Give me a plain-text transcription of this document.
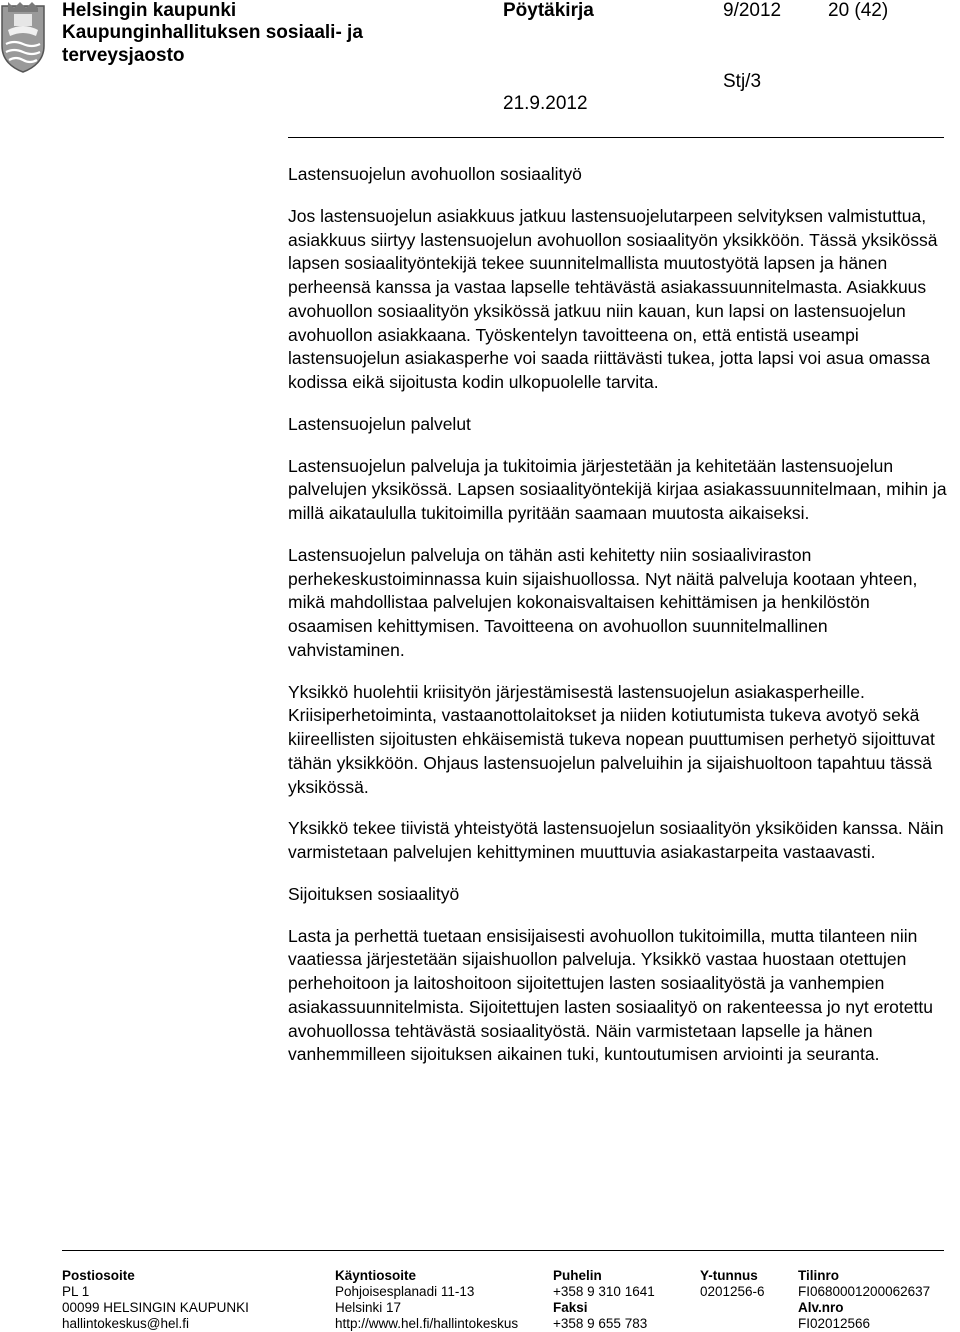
Helsingin kaupunki
Kaupunginhallituksen sosiaali- ja
terveysjaosto
Pöytäkirja	9/2012 20 (42)
Stj/3
21.9.2012
Lastensuojelun avohuollon sosiaalityö

Jos lastensuojelun asiakkuus jatkuu lastensuojelutarpeen selvityksen valmistuttua, asiakkuus siirtyy lastensuojelun avohuollon sosiaalityön yksikköön. Tässä yksikössä lapsen sosiaalityöntekijä tekee suunnitelmallista muutostyötä lapsen ja hänen perheensä kanssa ja vastaa lapselle tehtävästä asiakassuunnitelmasta. Asiakkuus avohuollon sosiaalityön yksikössä jatkuu niin kauan, kun lapsi on lastensuojelun avohuollon asiakkaana. Työskentelyn tavoitteena on, että entistä useampi lastensuojelun asiakasperhe voi saada riittävästi tukea, jotta lapsi voi asua omassa kodissa eikä sijoitusta kodin ulkopuolelle tarvita.

Lastensuojelun palvelut

Lastensuojelun palveluja ja tukitoimia järjestetään ja kehitetään lastensuojelun palvelujen yksikössä. Lapsen sosiaalityöntekijä kirjaa asiakassuunnitelmaan, mihin ja millä aikataululla tukitoimilla pyritään saamaan muutosta aikaiseksi.

Lastensuojelun palveluja on tähän asti kehitetty niin sosiaaliviraston perhekeskustoiminnassa kuin sijaishuollossa. Nyt näitä palveluja kootaan yhteen, mikä mahdollistaa palvelujen kokonaisvaltaisen kehittämisen ja henkilöstön osaamisen kehittymisen. Tavoitteena on avohuollon suunnitelmallinen vahvistaminen.

Yksikkö huolehtii kriisityön järjestämisestä lastensuojelun asiakasperheille. Kriisiperhetoiminta, vastaanottolaitokset ja niiden kotiutumista tukeva avotyö sekä kiireellisten sijoitusten ehkäisemistä tukeva nopean puuttumisen perhetyö sijoittuvat tähän yksikköön. Ohjaus lastensuojelun palveluihin ja sijaishuoltoon tapahtuu tässä yksikössä.

Yksikkö tekee tiivistä yhteistyötä lastensuojelun sosiaalityön yksiköiden kanssa. Näin varmistetaan palvelujen kehittyminen muuttuvia asiakastarpeita vastaavasti.

Sijoituksen sosiaalityö

Lasta ja perhettä tuetaan ensisijaisesti avohuollon tukitoimilla, mutta tilanteen niin vaatiessa järjestetään sijaishuollon palveluja. Yksikkö vastaa huostaan otettujen perhehoitoon ja laitoshoitoon sijoitettujen lasten sosiaalityöstä ja vanhempien asiakassuunnitelmista. Sijoitettujen lasten sosiaalityö on rakenteessa jo nyt erotettu avohuollossa tehtävästä sosiaalityöstä. Näin varmistetaan lapselle ja hänen vanhemmilleen sijoituksen aikainen tuki, kuntoutumisen arviointi ja seuranta.

Postiosoite
PL 1
00099 HELSINGIN KAUPUNKI
hallintokeskus@hel.fi
Käyntiosoite
Pohjoisesplanadi 11-13
Helsinki 17
http://www.hel.fi/hallintokeskus
Puhelin
+358 9 310 1641
Faksi
+358 9 655 783
Y-tunnus
0201256-6
Tilinro
FI0680001200062637
Alv.nro
FI02012566
